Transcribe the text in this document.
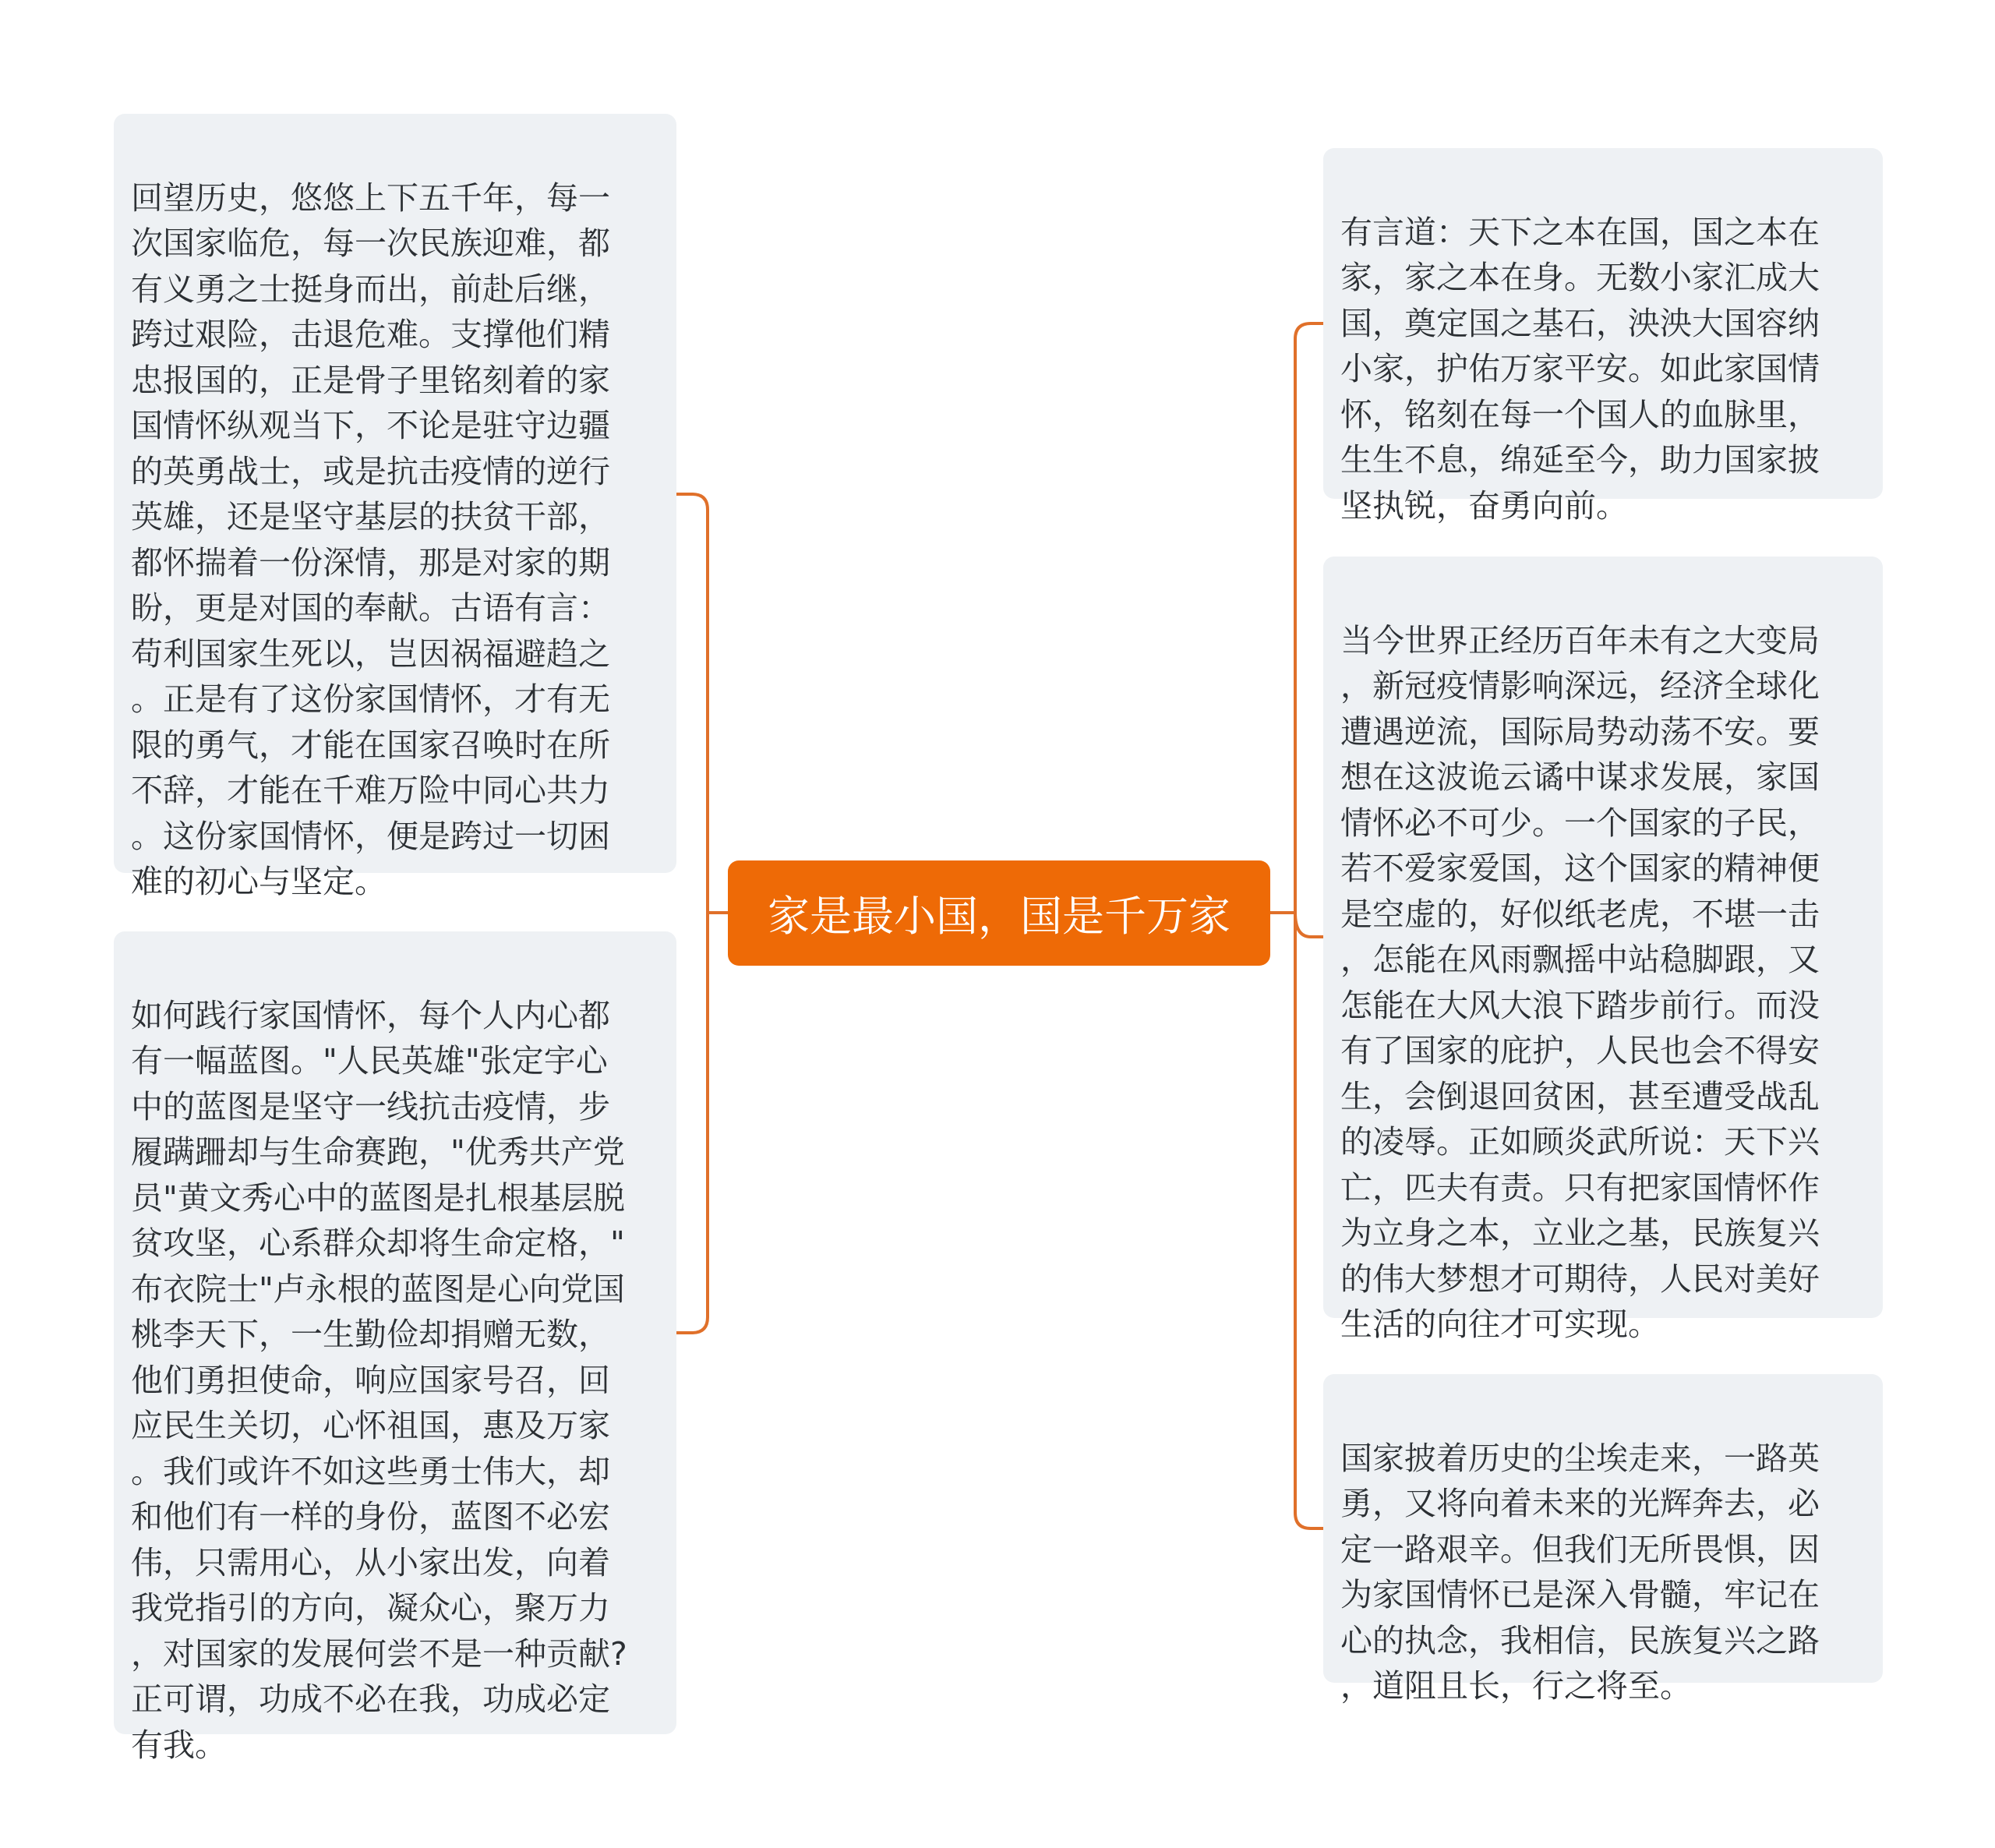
家是最小国，国是千万家

回望历史，悠悠上下五千年，每一
次国家临危，每一次民族迎难，都
有义勇之士挺身而出，前赴后继，
跨过艰险，击退危难。支撑他们精
忠报国的，正是骨子里铭刻着的家
国情怀纵观当下，不论是驻守边疆
的英勇战士，或是抗击疫情的逆行
英雄，还是坚守基层的扶贫干部，
都怀揣着一份深情，那是对家的期
盼，更是对国的奉献。古语有言：
苟利国家生死以，岂因祸福避趋之
。正是有了这份家国情怀，才有无
限的勇气，才能在国家召唤时在所
不辞，才能在千难万险中同心共力
。这份家国情怀，便是跨过一切困
难的初心与坚定。

如何践行家国情怀，每个人内心都
有一幅蓝图。"人民英雄"张定宇心
中的蓝图是坚守一线抗击疫情，步
履蹒跚却与生命赛跑，"优秀共产党
员"黄文秀心中的蓝图是扎根基层脱
贫攻坚，心系群众却将生命定格，"
布衣院士"卢永根的蓝图是心向党国
桃李天下，一生勤俭却捐赠无数，
他们勇担使命，响应国家号召，回
应民生关切，心怀祖国，惠及万家
。我们或许不如这些勇士伟大，却
和他们有一样的身份，蓝图不必宏
伟，只需用心，从小家出发，向着
我党指引的方向，凝众心，聚万力
，对国家的发展何尝不是一种贡献?
正可谓，功成不必在我，功成必定
有我。

有言道：天下之本在国，国之本在
家，家之本在身。无数小家汇成大
国，奠定国之基石，泱泱大国容纳
小家，护佑万家平安。如此家国情
怀，铭刻在每一个国人的血脉里，
生生不息，绵延至今，助力国家披
坚执锐，奋勇向前。

当今世界正经历百年未有之大变局
，新冠疫情影响深远，经济全球化
遭遇逆流，国际局势动荡不安。要
想在这波诡云谲中谋求发展，家国
情怀必不可少。一个国家的子民，
若不爱家爱国，这个国家的精神便
是空虚的，好似纸老虎，不堪一击
，怎能在风雨飘摇中站稳脚跟，又
怎能在大风大浪下踏步前行。而没
有了国家的庇护，人民也会不得安
生，会倒退回贫困，甚至遭受战乱
的凌辱。正如顾炎武所说：天下兴
亡，匹夫有责。只有把家国情怀作
为立身之本，立业之基，民族复兴
的伟大梦想才可期待，人民对美好
生活的向往才可实现。

国家披着历史的尘埃走来，一路英
勇，又将向着未来的光辉奔去，必
定一路艰辛。但我们无所畏惧，因
为家国情怀已是深入骨髓，牢记在
心的执念，我相信，民族复兴之路
，道阻且长，行之将至。
